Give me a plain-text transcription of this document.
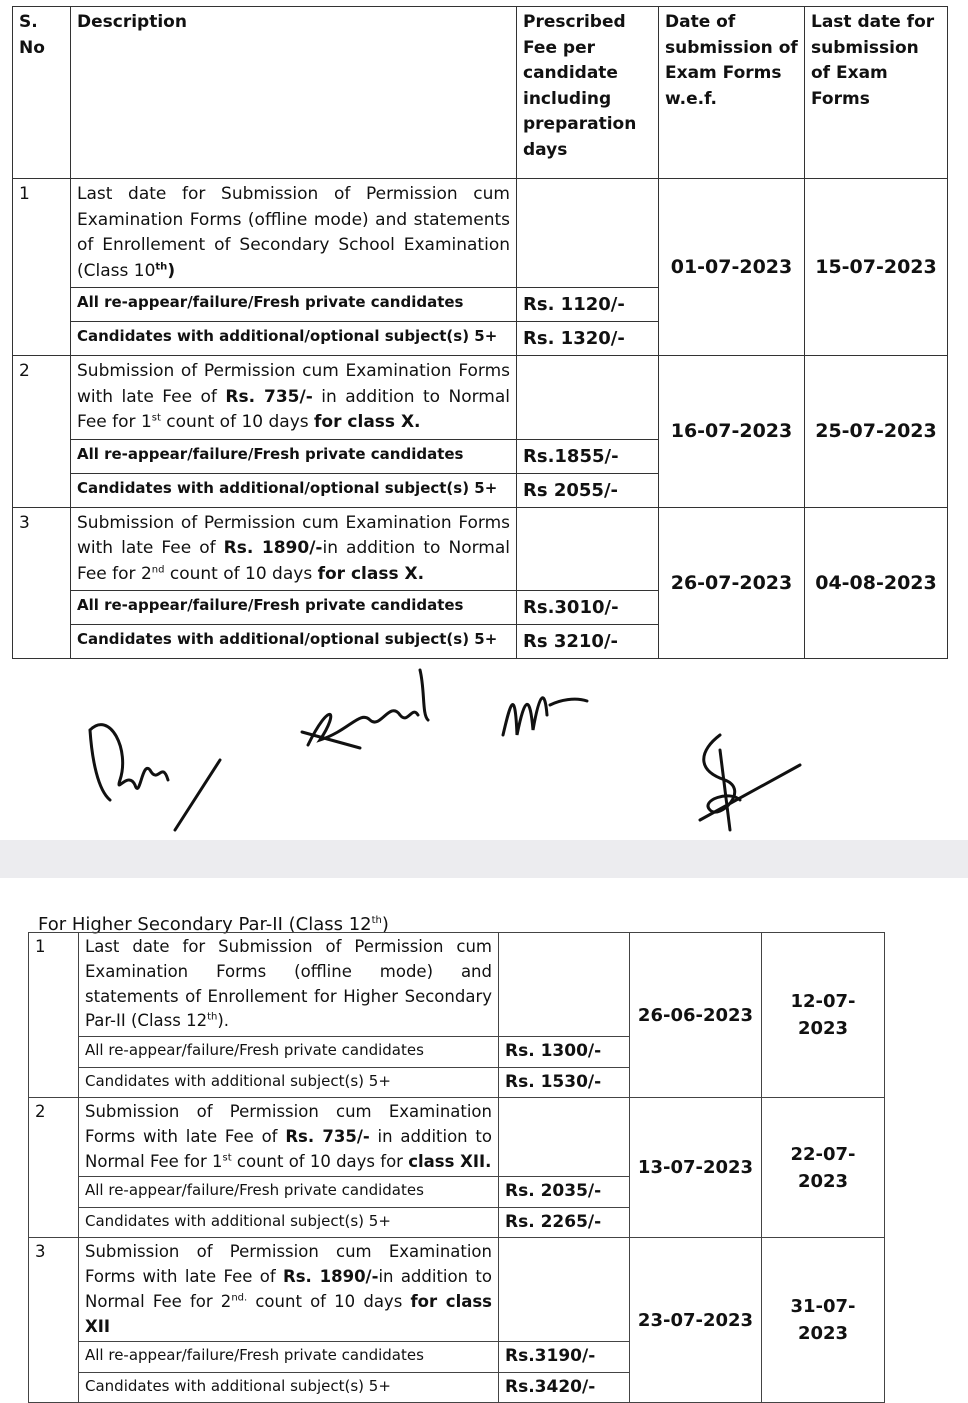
S. No	Description	Prescribed Fee per candidate including preparation days	Date of submission of Exam Forms w.e.f.	Last date for submission of Exam Forms
1	Last date for Submission of Permission cum Examination Forms (offline mode) and statements of Enrollement of Secondary School Examination (Class 10th)		01-07-2023	15-07-2023
	All re-appear/failure/Fresh private candidates	Rs. 1120/-		
	Candidates with additional/optional subject(s) 5+	Rs. 1320/-		
2	Submission of Permission cum Examination Forms with late Fee of Rs. 735/- in addition to Normal Fee for 1st count of 10 days for class X.		16-07-2023	25-07-2023
	All re-appear/failure/Fresh private candidates	Rs.1855/-		
	Candidates with additional/optional subject(s) 5+	Rs 2055/-		
3	Submission of Permission cum Examination Forms with late Fee of Rs. 1890/-in addition to Normal Fee for 2nd count of 10 days for class X.		26-07-2023	04-08-2023
	All re-appear/failure/Fresh private candidates	Rs.3010/-		
	Candidates with additional/optional subject(s) 5+	Rs 3210/-		
For Higher Secondary Par-II (Class 12th)
1	Last date for Submission of Permission cum Examination Forms (offline mode) and statements of Enrollement for Higher Secondary Par-II (Class 12th).		26-06-2023	12-07-2023
	All re-appear/failure/Fresh private candidates	Rs. 1300/-		
	Candidates with additional subject(s) 5+	Rs. 1530/-		
2	Submission of Permission cum Examination Forms with late Fee of Rs. 735/- in addition to Normal Fee for 1st count of 10 days for class XII.		13-07-2023	22-07-2023
	All re-appear/failure/Fresh private candidates	Rs. 2035/-		
	Candidates with additional subject(s) 5+	Rs. 2265/-		
3	Submission of Permission cum Examination Forms with late Fee of Rs. 1890/-in addition to Normal Fee for $2^{nd.}$ count of 10 days for class XII		23-07-2023	31-07-2023
	All re-appear/failure/Fresh private candidates	Rs.3190/-		
	Candidates with additional subject(s) 5+	Rs.3420/-		
